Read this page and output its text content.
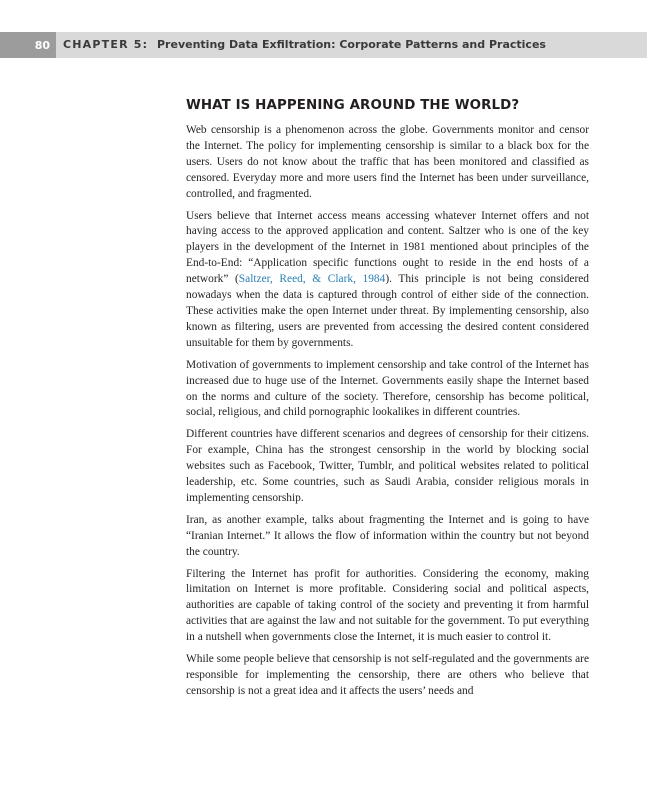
80	CHAPTER 5: Preventing Data Exfiltration: Corporate Patterns and Practices
WHAT IS HAPPENING AROUND THE WORLD?

Web censorship is a phenomenon across the globe. Governments monitor and censor the Internet. The policy for implementing censorship is similar to a black box for the users. Users do not know about the traffic that has been monitored and classified as censored. Everyday more and more users find the Internet has been under surveillance, controlled, and fragmented.

Users believe that Internet access means accessing whatever Internet offers and not having access to the approved application and content. Saltzer who is one of the key players in the development of the Internet in 1981 mentioned about principles of the End-to-End: “Application specific functions ought to reside in the end hosts of a network” (Saltzer, Reed, & Clark, 1984). This principle is not being considered nowadays when the data is captured through control of either side of the connection. These activities make the open Internet under threat. By implementing censorship, also known as filtering, users are prevented from accessing the desired content considered unsuitable for them by governments.

Motivation of governments to implement censorship and take control of the Internet has increased due to huge use of the Internet. Governments easily shape the Internet based on the norms and culture of the society. Therefore, censorship has become political, social, religious, and child pornographic lookalikes in different countries.

Different countries have different scenarios and degrees of censorship for their citizens. For example, China has the strongest censorship in the world by blocking social websites such as Facebook, Twitter, Tumblr, and political websites related to political leadership, etc. Some countries, such as Saudi Arabia, consider religious morals in implementing censorship.

Iran, as another example, talks about fragmenting the Internet and is going to have “Iranian Internet.” It allows the flow of information within the country but not beyond the country.

Filtering the Internet has profit for authorities. Considering the economy, making limitation on Internet is more profitable. Considering social and political aspects, authorities are capable of taking control of the society and preventing it from harmful activities that are against the law and not suitable for the government. To put everything in a nutshell when governments close the Internet, it is much easier to control it.

While some people believe that censorship is not self-regulated and the governments are responsible for implementing the censorship, there are others who believe that censorship is not a great idea and it affects the users’ needs and
